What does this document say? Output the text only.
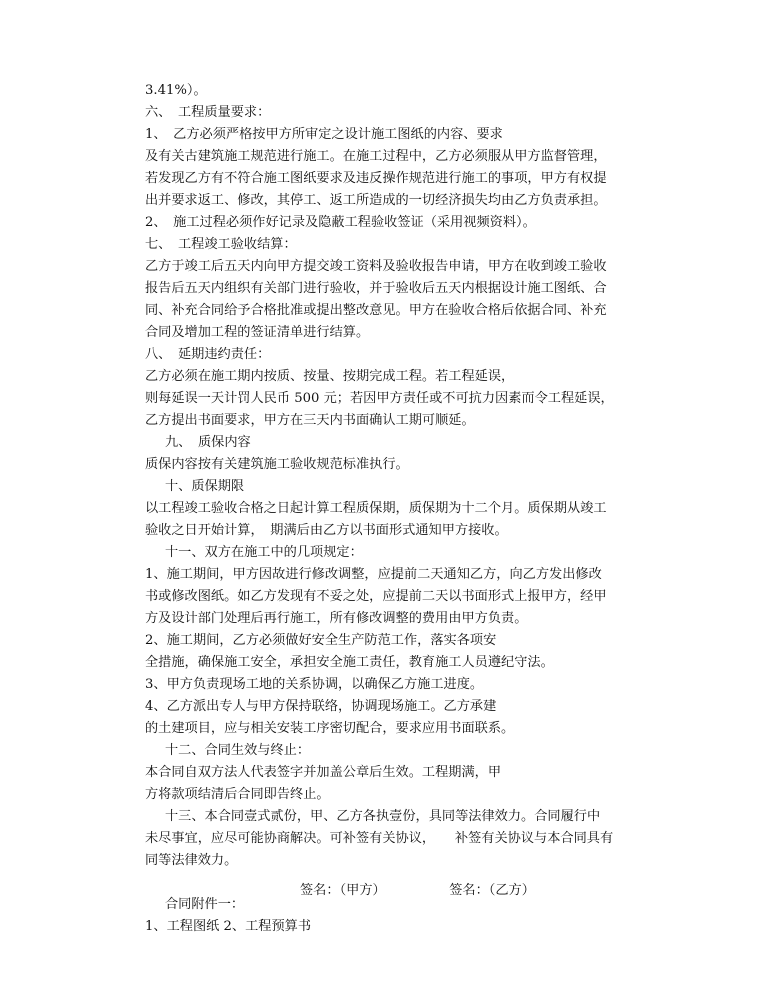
3.41%）。
六、　工程质量要求：
1、　乙方必须严格按甲方所审定之设计施工图纸的内容、要求
及有关古建筑施工规范进行施工。在施工过程中，乙方必须服从甲方监督管理，
若发现乙方有不符合施工图纸要求及违反操作规范进行施工的事项，甲方有权提
出并要求返工、修改，其停工、返工所造成的一切经济损失均由乙方负责承担。
2、　施工过程必须作好记录及隐蔽工程验收签证（采用视频资料）。
七、　工程竣工验收结算：
乙方于竣工后五天内向甲方提交竣工资料及验收报告申请，甲方在收到竣工验收
报告后五天内组织有关部门进行验收，并于验收后五天内根据设计施工图纸、合
同、补充合同给予合格批准或提出整改意见。甲方在验收合格后依据合同、补充
合同及增加工程的签证清单进行结算。
八、　延期违约责任：
乙方必须在施工期内按质、按量、按期完成工程。若工程延误，
则每延误一天计罚人民币 500 元；若因甲方责任或不可抗力因素而令工程延误，
乙方提出书面要求，甲方在三天内书面确认工期可顺延。
九、　质保内容
质保内容按有关建筑施工验收规范标准执行。
十、质保期限
以工程竣工验收合格之日起计算工程质保期，质保期为十二个月。质保期从竣工
验收之日开始计算，　期满后由乙方以书面形式通知甲方接收。
十一、双方在施工中的几项规定：
1、施工期间，甲方因故进行修改调整，应提前二天通知乙方，向乙方发出修改
书或修改图纸。如乙方发现有不妥之处，应提前二天以书面形式上报甲方，经甲
方及设计部门处理后再行施工，所有修改调整的费用由甲方负责。
2、施工期间，乙方必须做好安全生产防范工作，落实各项安
全措施，确保施工安全，承担安全施工责任，教育施工人员遵纪守法。
3、甲方负责现场工地的关系协调，以确保乙方施工进度。
4、乙方派出专人与甲方保持联络，协调现场施工。乙方承建
的土建项目，应与相关安装工序密切配合，要求应用书面联系。
十二、合同生效与终止：
本合同自双方法人代表签字并加盖公章后生效。工程期满，甲
方将款项结清后合同即告终止。
十三、本合同壹式贰份，甲、乙方各执壹份，具同等法律效力。合同履行中
未尽事宜，应尽可能协商解决。可补签有关协议，　　补签有关协议与本合同具有
同等法律效力。
合同附件一：
1、工程图纸 2、工程预算书
签名：（甲方）	签名：（乙方）
